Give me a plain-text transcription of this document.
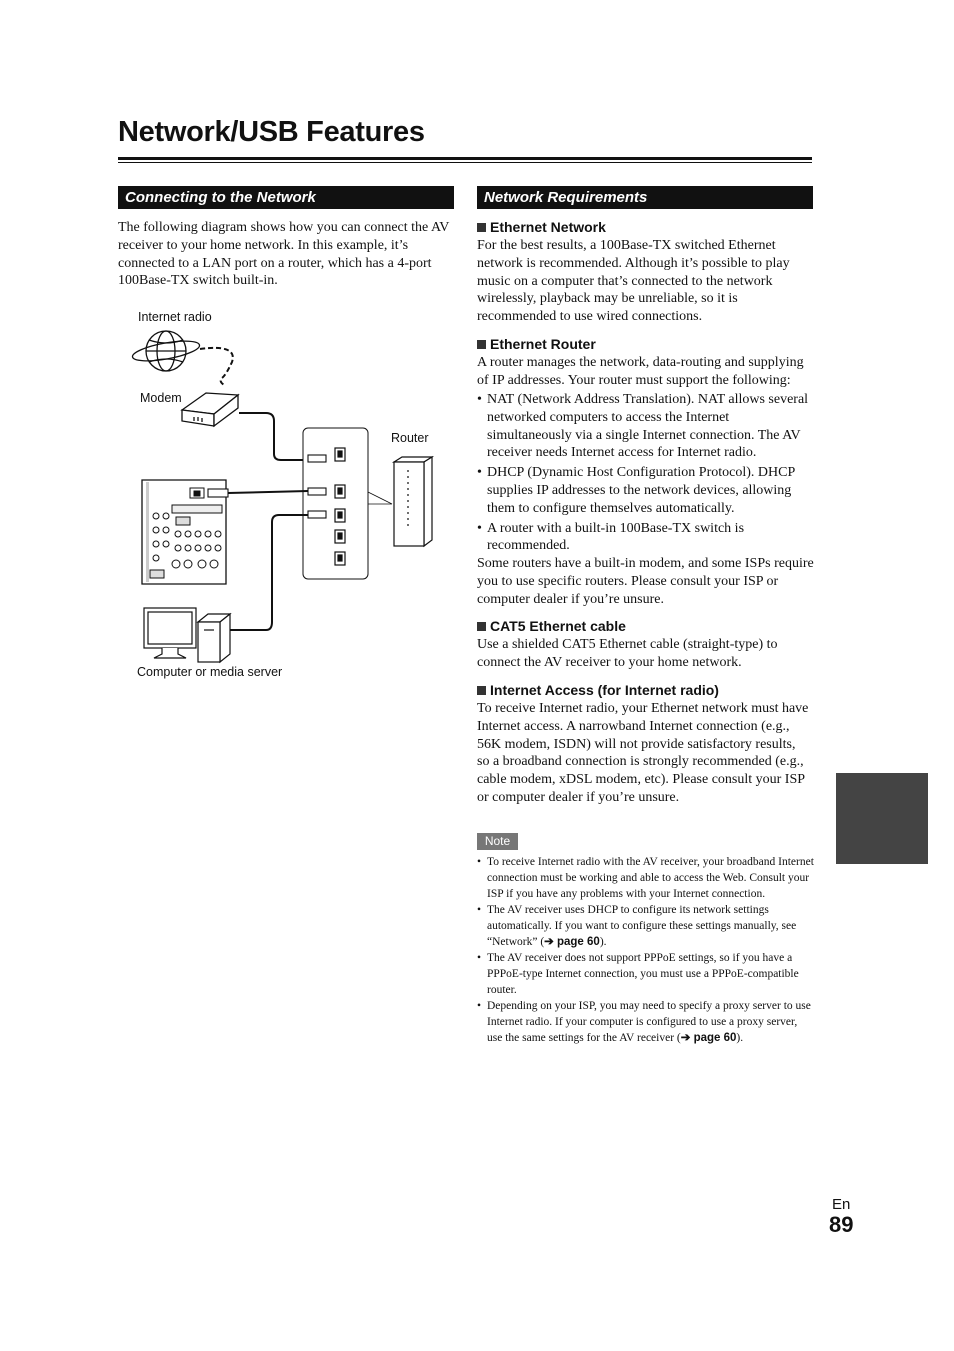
Network/USB Features
Connecting to the Network
The following diagram shows how you can connect the AV receiver to your home network. In this example, it’s connected to a LAN port on a router, which has a 4-port 100Base-TX switch built-in.
Internet radio
Modem
Router
Computer or media server
Network Requirements
Ethernet Network
For the best results, a 100Base-TX switched Ethernet network is recommended. Although it’s possible to play music on a computer that’s connected to the network wirelessly, playback may be unreliable, so it is recommended to use wired connections.
Ethernet Router
A router manages the network, data-routing and supplying of IP addresses. Your router must support the following:
• NAT (Network Address Translation). NAT allows several networked computers to access the Internet simultaneously via a single Internet connection. The AV receiver needs Internet access for Internet radio.
• DHCP (Dynamic Host Configuration Protocol). DHCP supplies IP addresses to the network devices, allowing them to configure themselves automatically.
• A router with a built-in 100Base-TX switch is recommended.
Some routers have a built-in modem, and some ISPs require you to use specific routers. Please consult your ISP or computer dealer if you’re unsure.
CAT5 Ethernet cable
Use a shielded CAT5 Ethernet cable (straight-type) to connect the AV receiver to your home network.
Internet Access (for Internet radio)
To receive Internet radio, your Ethernet network must have Internet access. A narrowband Internet connection (e.g., 56K modem, ISDN) will not provide satisfactory results, so a broadband connection is strongly recommended (e.g., cable modem, xDSL modem, etc). Please consult your ISP or computer dealer if you’re unsure.
Note
• To receive Internet radio with the AV receiver, your broadband Internet connection must be working and able to access the Web. Consult your ISP if you have any problems with your Internet connection.
• The AV receiver uses DHCP to configure its network settings automatically. If you want to configure these settings manually, see “Network” (➔ page 60).
• The AV receiver does not support PPPoE settings, so if you have a PPPoE-type Internet connection, you must use a PPPoE-compatible router.
• Depending on your ISP, you may need to specify a proxy server to use Internet radio. If your computer is configured to use a proxy server, use the same settings for the AV receiver (➔ page 60).
En
89
